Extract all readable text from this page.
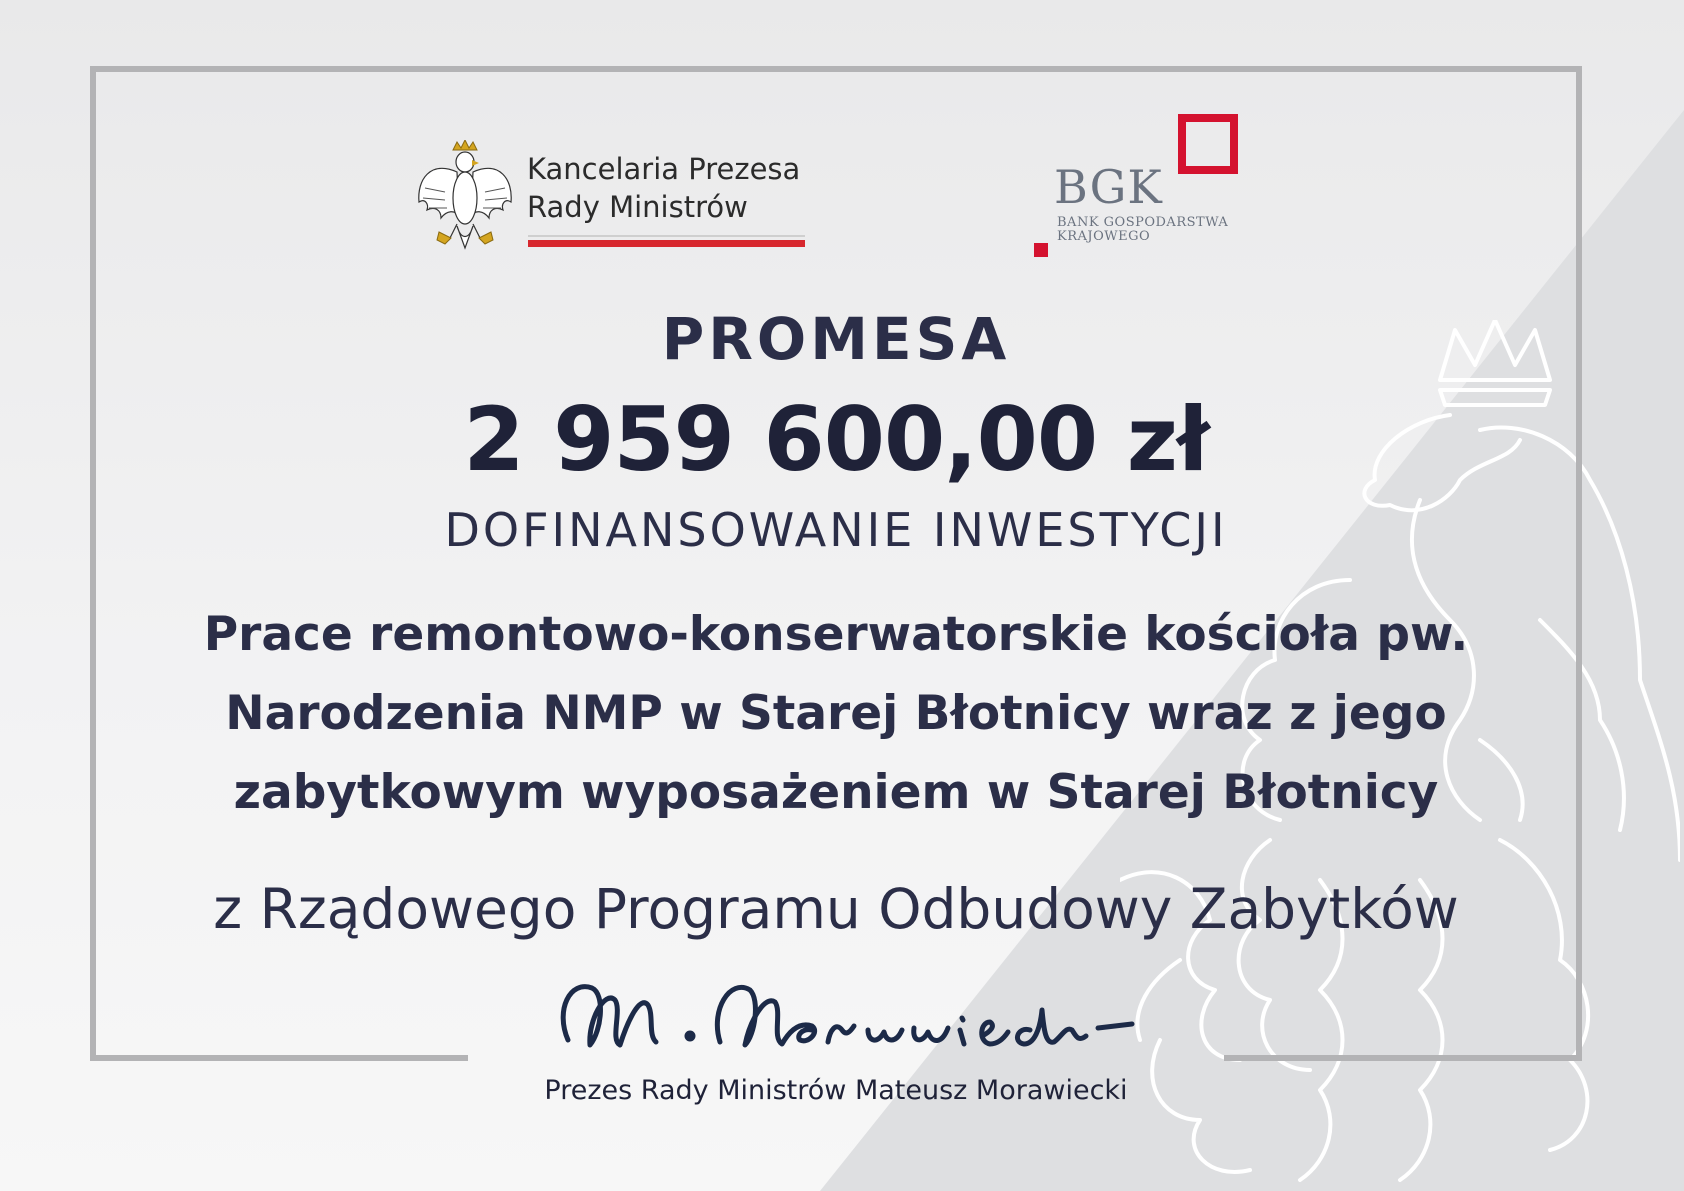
Kancelaria Prezesa
Rady Ministrów	BGK
BANK GOSPODARSTWA
KRAJOWEGO
PROMESA
2 959 600,00 zł
DOFINANSOWANIE INWESTYCJI
Prace remontowo-konserwatorskie kościoła pw.
Narodzenia NMP w Starej Błotnicy wraz z jego
zabytkowym wyposażeniem w Starej Błotnicy
z Rządowego Programu Odbudowy Zabytków
Prezes Rady Ministrów Mateusz Morawiecki
